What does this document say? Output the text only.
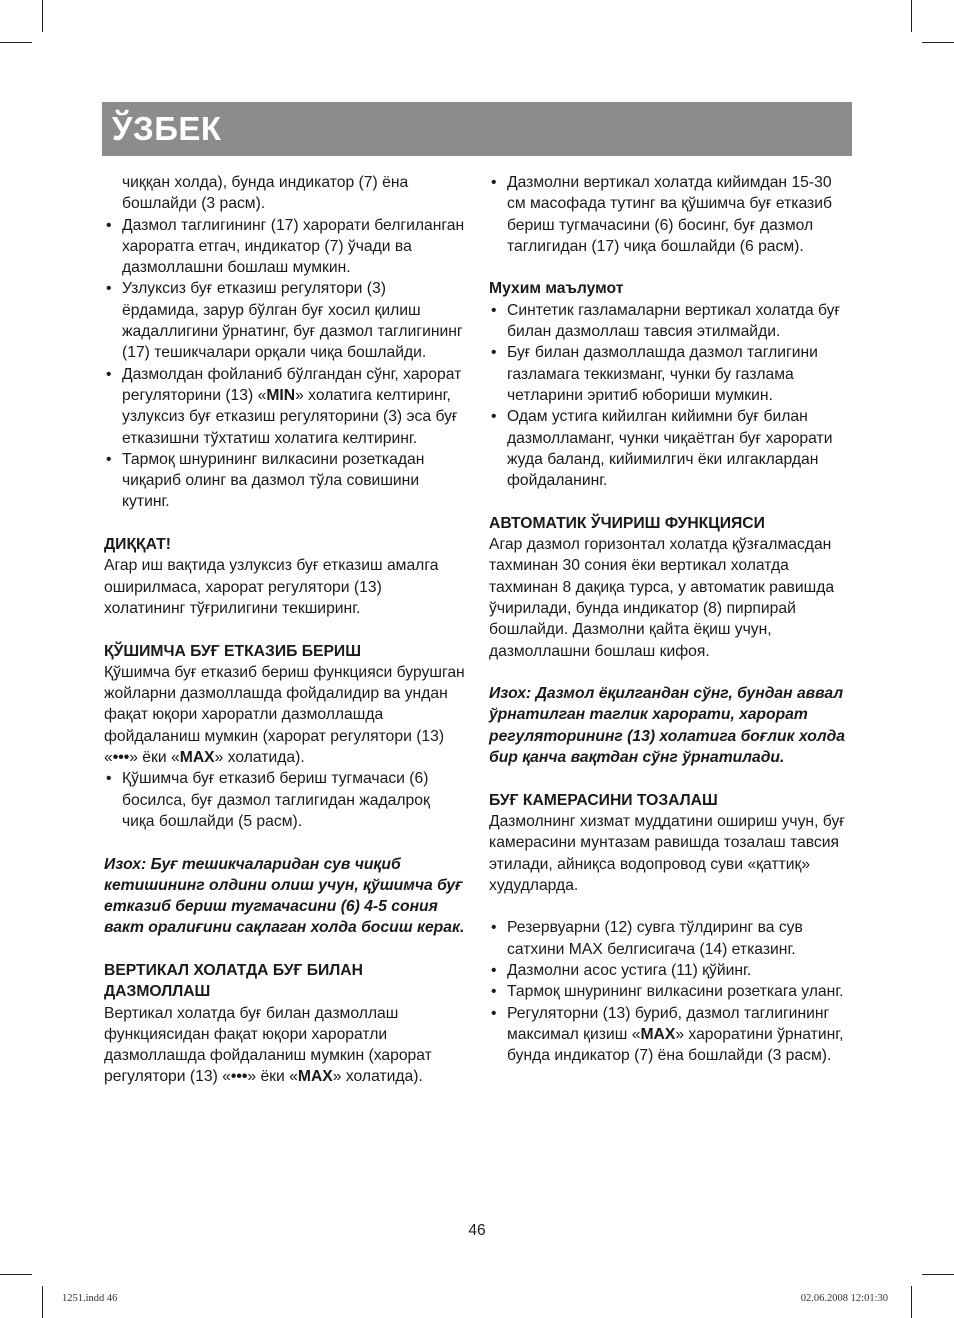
ЎЗБЕК

чиққан холда), бунда индикатор (7) ёна бошлайди (3 расм).

• Дазмол таглигининг (17) харорати белгиланган хароратга етгач, индикатор (7) ўчади ва дазмоллашни бошлаш мумкин.
• Узлуксиз буғ етказиш регулятори (3) ёрдамида, зарур бўлган буғ хосил қилиш жадаллигини ўрнатинг, буғ дазмол таглигининг (17) тешикчалари орқали чиқа бошлайди.
• Дазмолдан фойланиб бўлгандан сўнг, харорат регуляторини (13) «MIN» холатига келтиринг, узлуксиз буғ етказиш регуляторини (3) эса буғ етказишни тўхтатиш холатига келтиринг.
• Тармоқ шнурининг вилкасини розеткадан чиқариб олинг ва дазмол тўла совишини кутинг.

ДИҚҚАТ!

Агар иш вақтида узлуксиз буғ етказиш амалга оширилмаса, харорат регулятори (13) холатининг тўғрилигини текширинг.

ҚЎШИМЧА БУҒ ЕТКАЗИБ БЕРИШ

Қўшимча буғ етказиб бериш функцияси бурушган жойларни дазмоллашда фойдалидир ва ундан фақат юқори хароратли дазмоллашда фойдаланиш мумкин (харорат регулятори (13) «•••» ёки «MAX» холатида).

• Қўшимча буғ етказиб бериш тугмачаси (6) босилса, буғ дазмол таглигидан жадалроқ чиқа бошлайди (5 расм).

Изох: Буғ тешикчаларидан сув чиқиб кетишининг олдини олиш учун, қўшимча буғ етказиб бериш тугмачасини (6) 4-5 сония вакт оралиғини сақлаган холда босиш керак.

ВЕРТИКАЛ ХОЛАТДА БУҒ БИЛАН ДАЗМОЛЛАШ

Вертикал холатда буғ билан дазмоллаш функциясидан фақат юқори хароратли дазмоллашда фойдаланиш мумкин (харорат регулятори (13) «•••» ёки «MAX» холатида).

• Дазмолни вертикал холатда кийимдан 15-30 см масофада тутинг ва қўшимча буғ етказиб бериш тугмачасини (6) босинг, буғ дазмол таглигидан (17) чиқа бошлайди (6 расм).

Мухим маълумот

• Синтетик газламаларни вертикал холатда буғ билан дазмоллаш тавсия этилмайди.
• Буғ билан дазмоллашда дазмол таглигини газламага теккизманг, чунки бу газлама четларини эритиб юбориши мумкин.
• Одам устига кийилган кийимни буғ билан дазмолламанг, чунки чиқаётган буғ харорати жуда баланд, кийимилгич ёки илгаклардан фойдаланинг.

АВТОМАТИК ЎЧИРИШ ФУНКЦИЯСИ

Агар дазмол горизонтал холатда қўзғалмасдан тахминан 30 сония ёки вертикал холатда тахминан 8 дақиқа турса, у автоматик равишда ўчирилади, бунда индикатор (8) пирпирай бошлайди. Дазмолни қайта ёқиш учун, дазмоллашни бошлаш кифоя.

Изох: Дазмол ёқилгандан сўнг, бундан аввал ўрнатилган таглик харорати, харорат регуляторининг (13) холатига боғлик холда бир қанча вақтдан сўнг ўрнатилади.

БУҒ КАМЕРАСИНИ ТОЗАЛАШ

Дазмолнинг хизмат муддатини ошириш учун, буғ камерасини мунтазам равишда тозалаш тавсия этилади, айниқса водопровод суви «қаттиқ» худудларда.

• Резервуарни (12) сувга тўлдиринг ва сув сатхини MAX белгисигача (14) етказинг.
• Дазмолни асос устига (11) қўйинг.
• Тармоқ шнурининг вилкасини розеткага уланг.
• Регуляторни (13) буриб, дазмол таглигининг максимал қизиш «MAX» хароратини ўрнатинг, бунда индикатор (7) ёна бошлайди (3 расм).
46
1251.indd 46	02.06.2008 12:01:30
